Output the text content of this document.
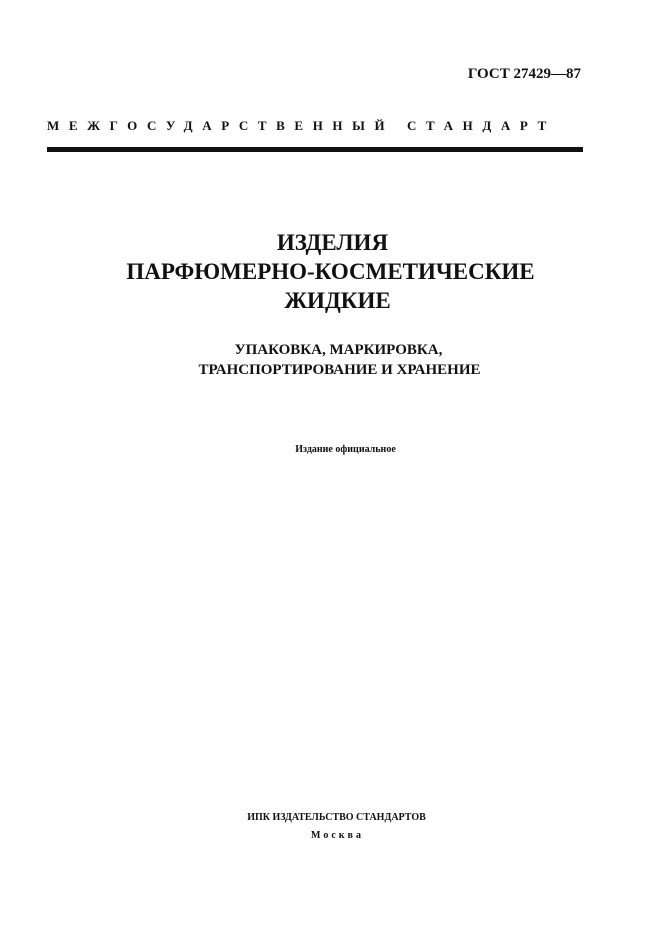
ГОСТ 27429—87
МЕЖГОСУДАРСТВЕННЫЙ СТАНДАРТ
ИЗДЕЛИЯ
ПАРФЮМЕРНО-КОСМЕТИЧЕСКИЕ
ЖИДКИЕ
УПАКОВКА, МАРКИРОВКА,
ТРАНСПОРТИРОВАНИЕ И ХРАНЕНИЕ
Издание официальное
ИПК ИЗДАТЕЛЬСТВО СТАНДАРТОВ
Москва
